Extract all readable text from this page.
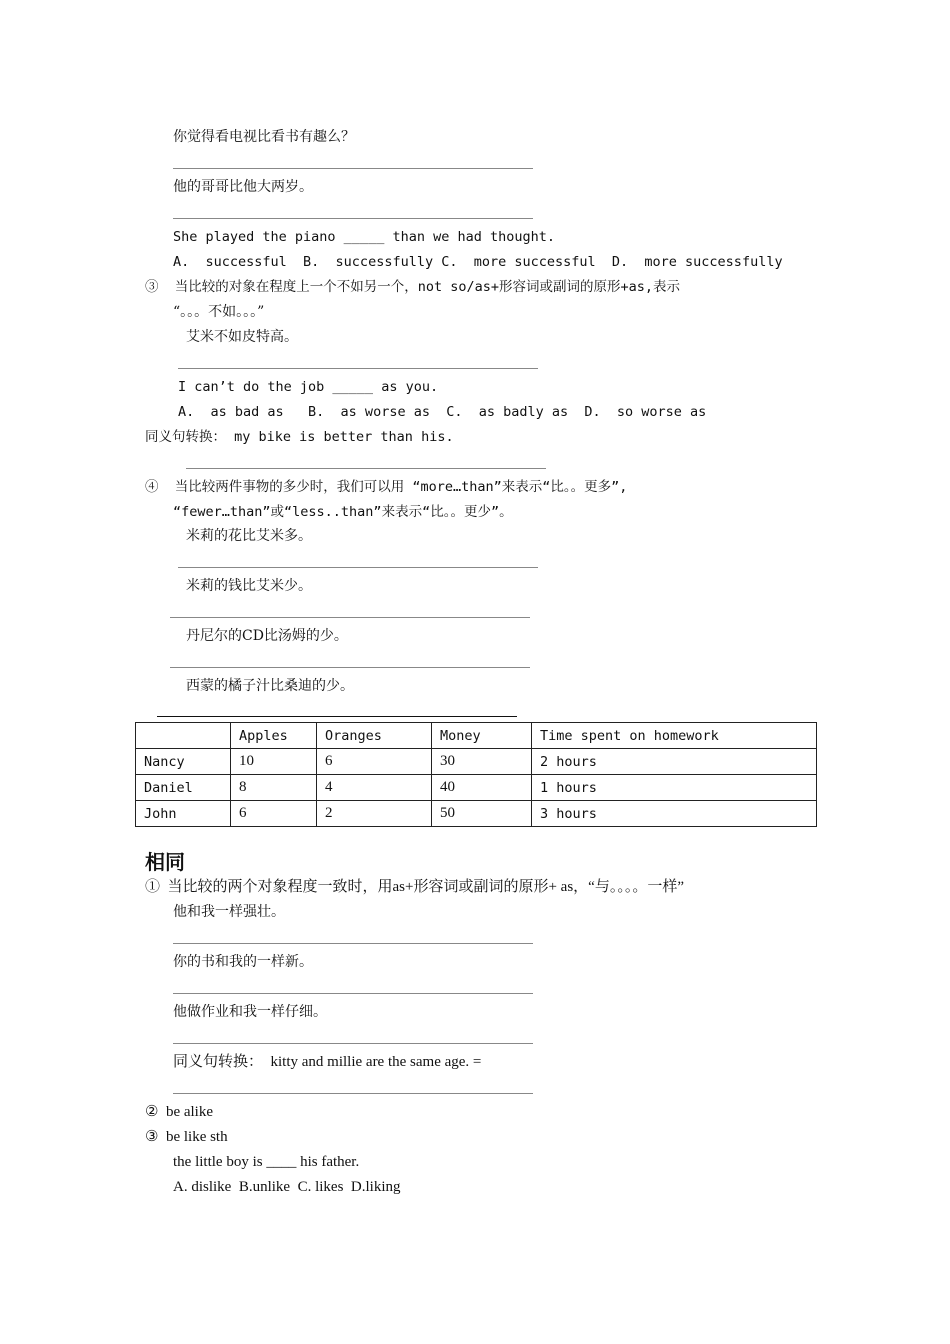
你觉得看电视比看书有趣么？
他的哥哥比他大两岁。
She played the piano _____ than we had thought.
A.  successful  B.  successfully C.  more successful  D.  more successfully
③  当比较的对象在程度上一个不如另一个，not so/as+形容词或副词的原形+as,表示
“。。。不如。。。”
艾米不如皮特高。
I can’t do the job _____ as you.
A.  as bad as   B.  as worse as  C.  as badly as  D.  so worse as
同义句转换： my bike is better than his.
④  当比较两件事物的多少时，我们可以用 “more…than”来表示“比。。更多”,
“fewer…than”或“less..than”来表示“比。。更少”。
米莉的花比艾米多。
米莉的钱比艾米少。
丹尼尔的CD比汤姆的少。
西蒙的橘子汁比桑迪的少。
	Apples	Oranges	Money	Time spent on homework
Nancy	10	6	30	2 hours
Daniel	8	4	40	1 hours
John	6	2	50	3 hours
相同
①  当比较的两个对象程度一致时，用as+形容词或副词的原形+ as，“与。。。。一样”
他和我一样强壮。
你的书和我的一样新。
他做作业和我一样仔细。
同义句转换：  kitty and millie are the same age. =
②  be alike
③  be like sth
the little boy is ____ his father.
A. dislike  B.unlike  C. likes  D.liking
